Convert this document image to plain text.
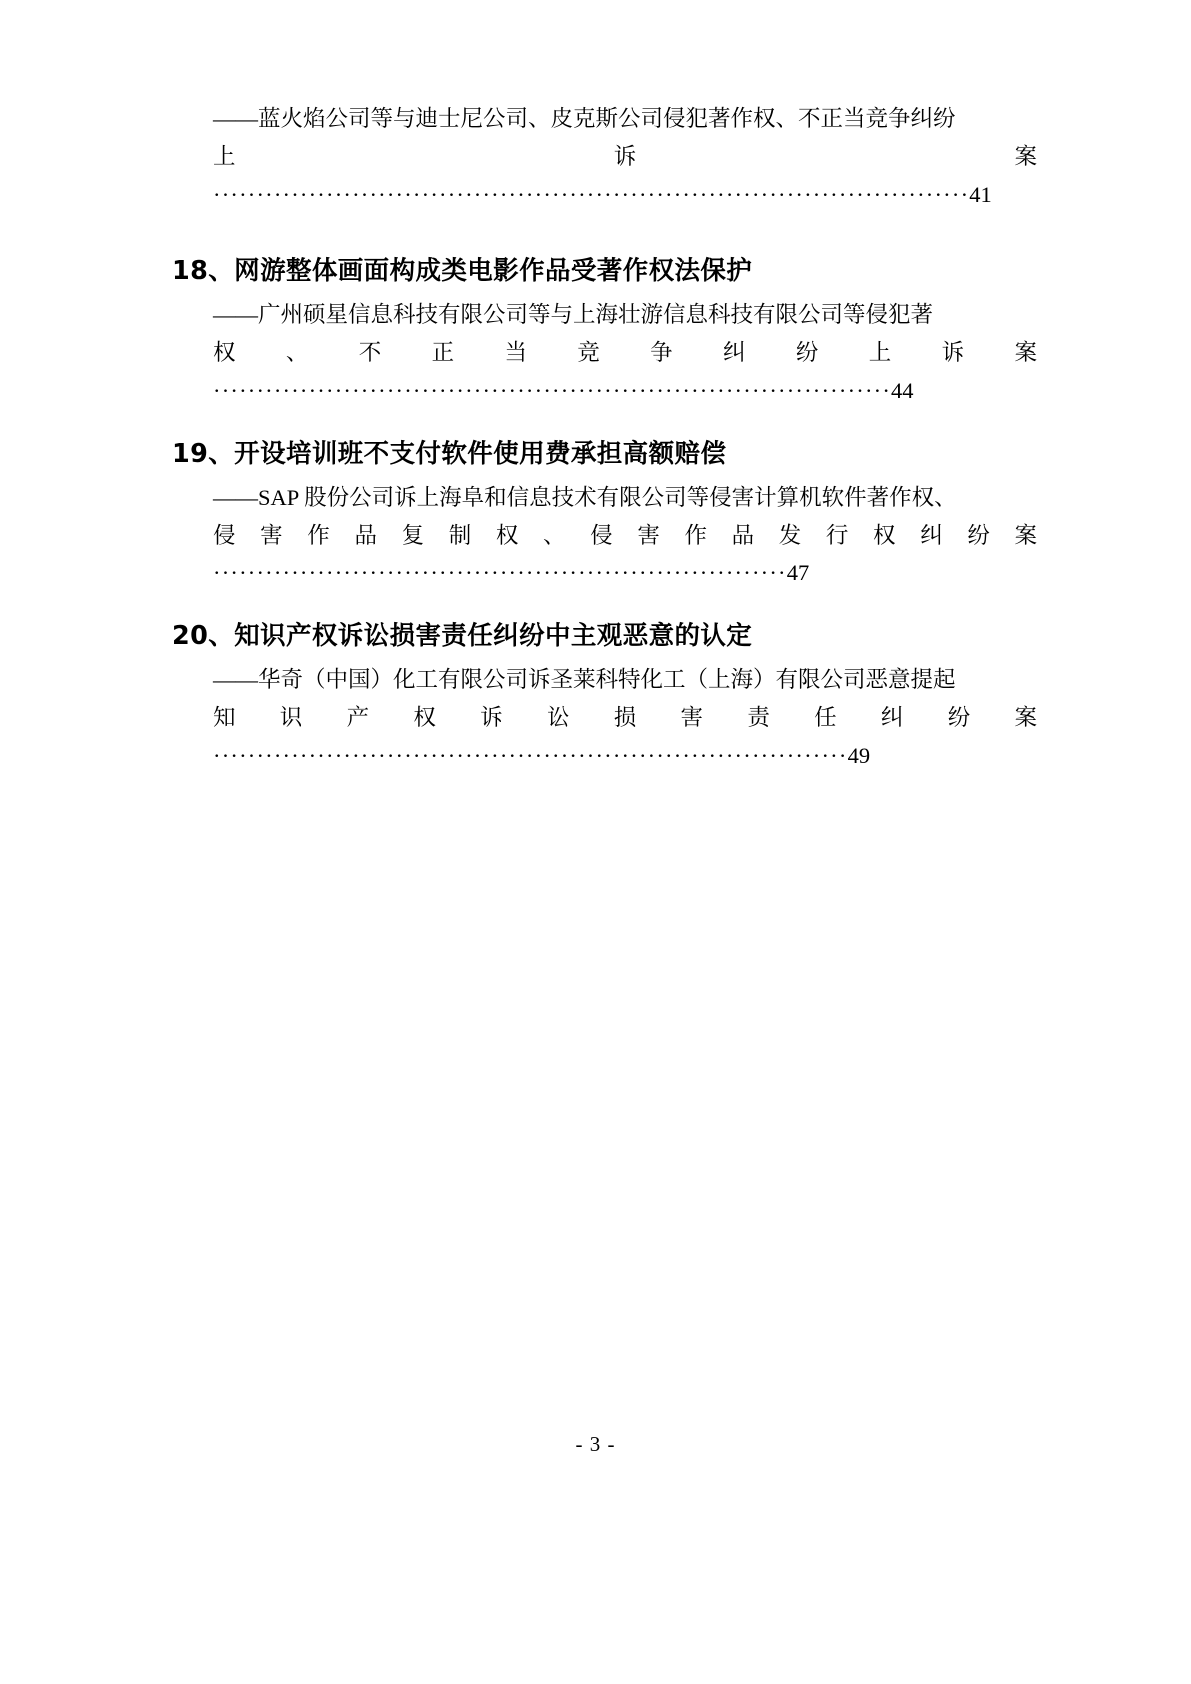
——蓝火焰公司等与迪士尼公司、皮克斯公司侵犯著作权、不正当竞争纠纷
上诉案·······················································································41
18、网游整体画面构成类电影作品受著作权法保护
——广州硕星信息科技有限公司等与上海壮游信息科技有限公司等侵犯著
权、不正当竞争纠纷上诉案··············································································44
19、开设培训班不支付软件使用费承担高额赔偿
——SAP 股份公司诉上海阜和信息技术有限公司等侵害计算机软件著作权、
侵害作品复制权、侵害作品发行权纠纷案··································································47
20、知识产权诉讼损害责任纠纷中主观恶意的认定
——华奇（中国）化工有限公司诉圣莱科特化工（上海）有限公司恶意提起
知识产权诉讼损害责任纠纷案·········································································49
- 3 -
